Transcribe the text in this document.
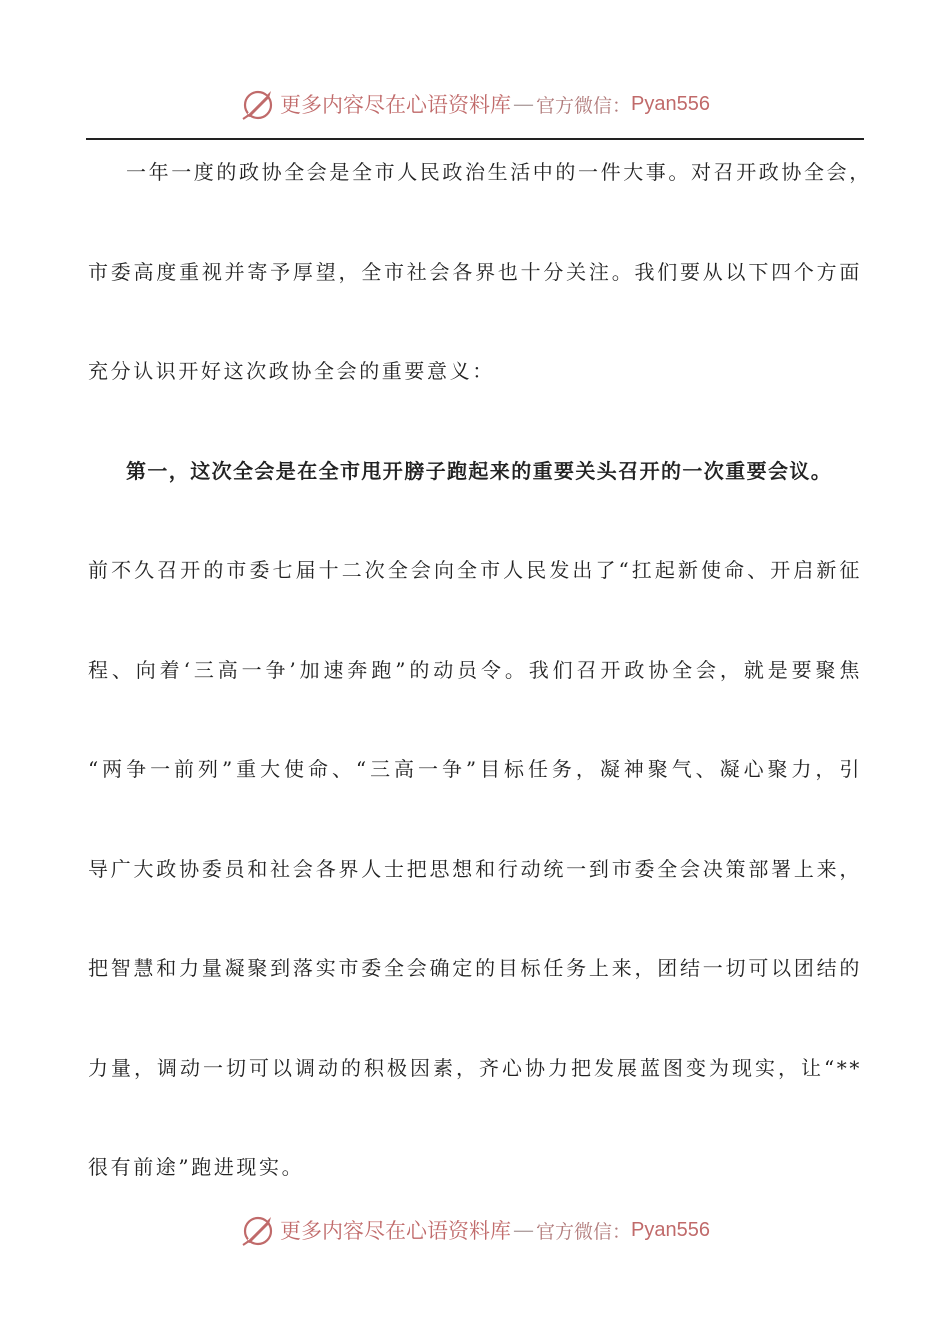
更多内容尽在心语资料库 — 官方微信： Pyan556
一年一度的政协全会是全市人民政治生活中的一件大事。对召开政协全会，
市委高度重视并寄予厚望，全市社会各界也十分关注。我们要从以下四个方面
充分认识开好这次政协全会的重要意义：
第一，这次全会是在全市甩开膀子跑起来的重要关头召开的一次重要会议。
前不久召开的市委七届十二次全会向全市人民发出了“扛起新使命、开启新征
程、向着‘三高一争’加速奔跑”的动员令。我们召开政协全会，就是要聚焦
“两争一前列”重大使命、“三高一争”目标任务，凝神聚气、凝心聚力，引
导广大政协委员和社会各界人士把思想和行动统一到市委全会决策部署上来，
把智慧和力量凝聚到落实市委全会确定的目标任务上来，团结一切可以团结的
力量，调动一切可以调动的积极因素，齐心协力把发展蓝图变为现实，让“**
很有前途”跑进现实。
更多内容尽在心语资料库 — 官方微信： Pyan556
